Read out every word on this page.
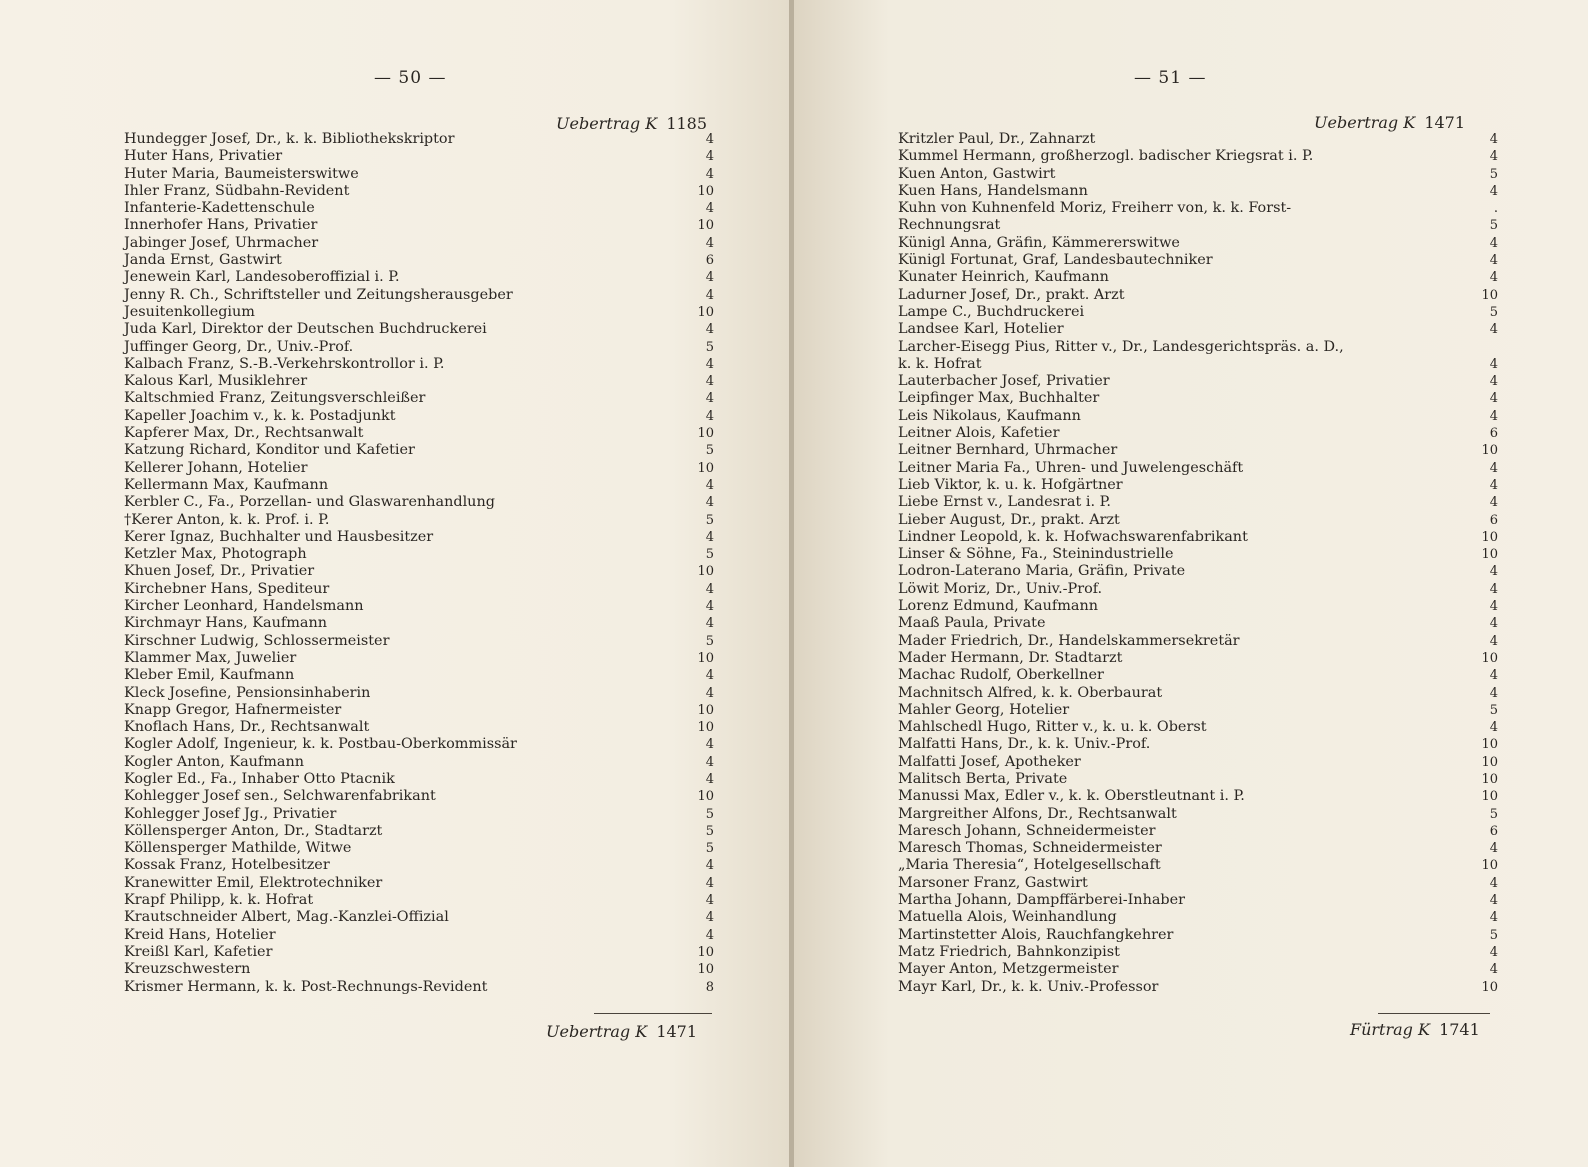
— 50 —
Uebertrag K 1185
Hundegger Josef, Dr., k. k. Bibliothekskriptor	4
Huter Hans, Privatier	4
Huter Maria, Baumeisterswitwe	4
Ihler Franz, Südbahn-Revident	10
Infanterie-Kadettenschule	4
Innerhofer Hans, Privatier	10
Jabinger Josef, Uhrmacher	4
Janda Ernst, Gastwirt	6
Jenewein Karl, Landesoberoffizial i. P.	4
Jenny R. Ch., Schriftsteller und Zeitungsherausgeber	4
Jesuitenkollegium	10
Juda Karl, Direktor der Deutschen Buchdruckerei	4
Juffinger Georg, Dr., Univ.-Prof.	5
Kalbach Franz, S.-B.-Verkehrskontrollor i. P.	4
Kalous Karl, Musiklehrer	4
Kaltschmied Franz, Zeitungsverschleißer	4
Kapeller Joachim v., k. k. Postadjunkt	4
Kapferer Max, Dr., Rechtsanwalt	10
Katzung Richard, Konditor und Kafetier	5
Kellerer Johann, Hotelier	10
Kellermann Max, Kaufmann	4
Kerbler C., Fa., Porzellan- und Glaswarenhandlung	4
†Kerer Anton, k. k. Prof. i. P.	5
Kerer Ignaz, Buchhalter und Hausbesitzer	4
Ketzler Max, Photograph	5
Khuen Josef, Dr., Privatier	10
Kirchebner Hans, Spediteur	4
Kircher Leonhard, Handelsmann	4
Kirchmayr Hans, Kaufmann	4
Kirschner Ludwig, Schlossermeister	5
Klammer Max, Juwelier	10
Kleber Emil, Kaufmann	4
Kleck Josefine, Pensionsinhaberin	4
Knapp Gregor, Hafnermeister	10
Knoflach Hans, Dr., Rechtsanwalt	10
Kogler Adolf, Ingenieur, k. k. Postbau-Oberkommissär	4
Kogler Anton, Kaufmann	4
Kogler Ed., Fa., Inhaber Otto Ptacnik	4
Kohlegger Josef sen., Selchwarenfabrikant	10
Kohlegger Josef Jg., Privatier	5
Köllensperger Anton, Dr., Stadtarzt	5
Köllensperger Mathilde, Witwe	5
Kossak Franz, Hotelbesitzer	4
Kranewitter Emil, Elektrotechniker	4
Krapf Philipp, k. k. Hofrat	4
Krautschneider Albert, Mag.-Kanzlei-Offizial	4
Kreid Hans, Hotelier	4
Kreißl Karl, Kafetier	10
Kreuzschwestern	10
Krismer Hermann, k. k. Post-Rechnungs-Revident	8
Uebertrag K 1471
— 51 —
Uebertrag K 1471
Kritzler Paul, Dr., Zahnarzt	4
Kummel Hermann, großherzogl. badischer Kriegsrat i. P.	4
Kuen Anton, Gastwirt	5
Kuen Hans, Handelsmann	4
Kuhn von Kuhnenfeld Moriz, Freiherr von, k. k. Forst-	.
Rechnungsrat	5
Künigl Anna, Gräfin, Kämmererswitwe	4
Künigl Fortunat, Graf, Landesbautechniker	4
Kunater Heinrich, Kaufmann	4
Ladurner Josef, Dr., prakt. Arzt	10
Lampe C., Buchdruckerei	5
Landsee Karl, Hotelier	4
Larcher-Eisegg Pius, Ritter v., Dr., Landesgerichtspräs. a. D.,
k. k. Hofrat	4
Lauterbacher Josef, Privatier	4
Leipfinger Max, Buchhalter	4
Leis Nikolaus, Kaufmann	4
Leitner Alois, Kafetier	6
Leitner Bernhard, Uhrmacher	10
Leitner Maria Fa., Uhren- und Juwelengeschäft	4
Lieb Viktor, k. u. k. Hofgärtner	4
Liebe Ernst v., Landesrat i. P.	4
Lieber August, Dr., prakt. Arzt	6
Lindner Leopold, k. k. Hofwachswarenfabrikant	10
Linser & Söhne, Fa., Steinindustrielle	10
Lodron-Laterano Maria, Gräfin, Private	4
Löwit Moriz, Dr., Univ.-Prof.	4
Lorenz Edmund, Kaufmann	4
Maaß Paula, Private	4
Mader Friedrich, Dr., Handelskammersekretär	4
Mader Hermann, Dr. Stadtarzt	10
Machac Rudolf, Oberkellner	4
Machnitsch Alfred, k. k. Oberbaurat	4
Mahler Georg, Hotelier	5
Mahlschedl Hugo, Ritter v., k. u. k. Oberst	4
Malfatti Hans, Dr., k. k. Univ.-Prof.	10
Malfatti Josef, Apotheker	10
Malitsch Berta, Private	10
Manussi Max, Edler v., k. k. Oberstleutnant i. P.	10
Margreither Alfons, Dr., Rechtsanwalt	5
Maresch Johann, Schneidermeister	6
Maresch Thomas, Schneidermeister	4
„Maria Theresia“, Hotelgesellschaft	10
Marsoner Franz, Gastwirt	4
Martha Johann, Dampffärberei-Inhaber	4
Matuella Alois, Weinhandlung	4
Martinstetter Alois, Rauchfangkehrer	5
Matz Friedrich, Bahnkonzipist	4
Mayer Anton, Metzgermeister	4
Mayr Karl, Dr., k. k. Univ.-Professor	10
Fürtrag K 1741
